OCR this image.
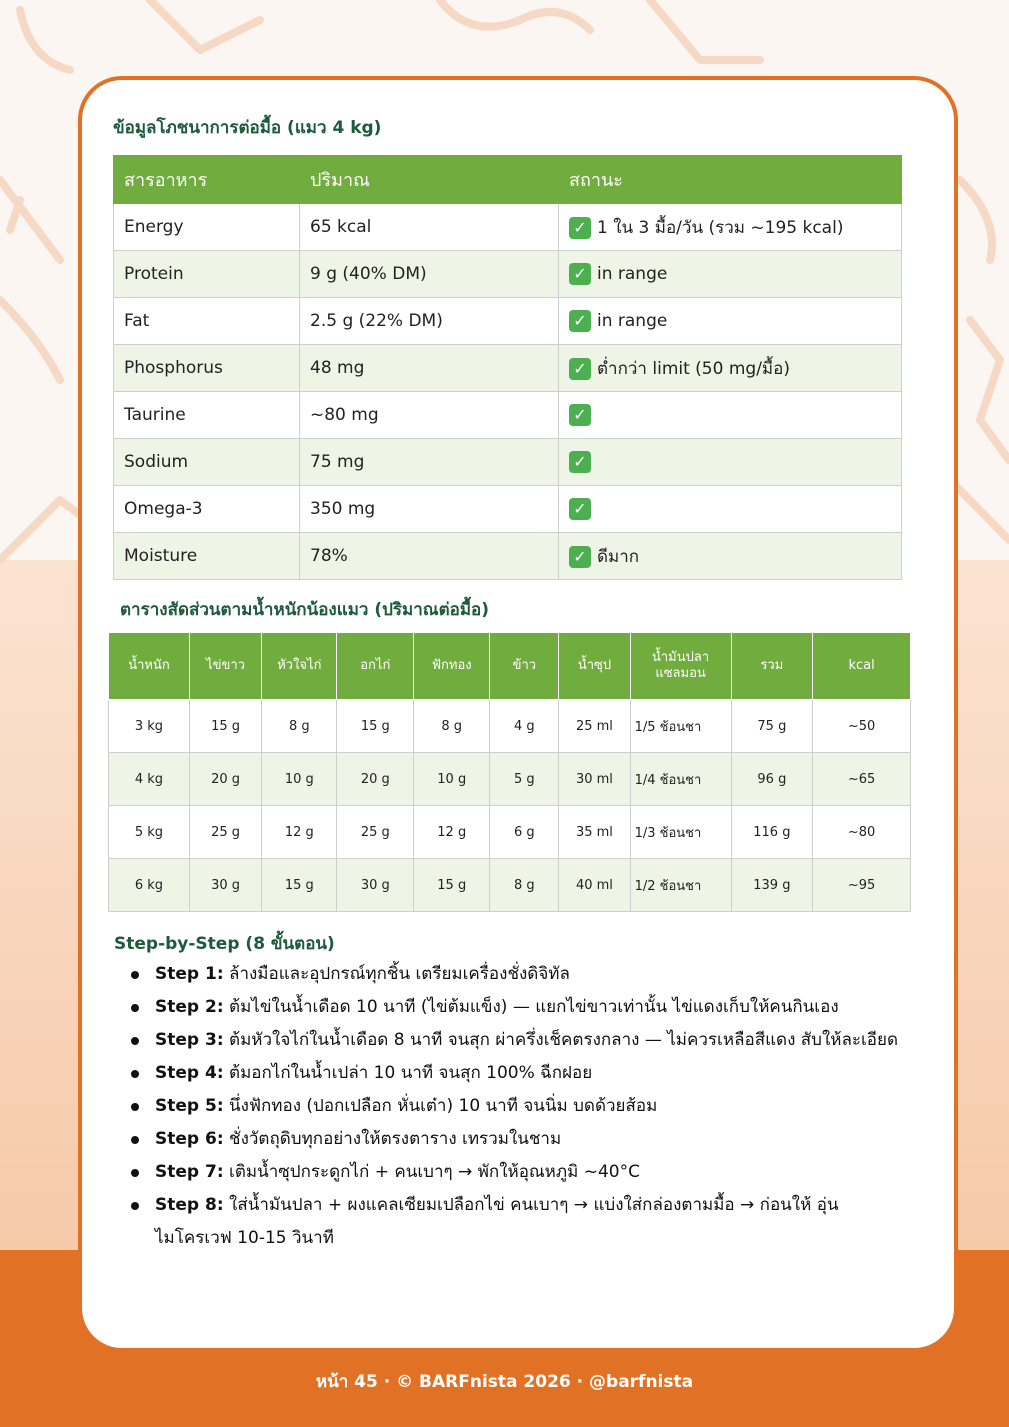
ข้อมูลโภชนาการต่อมื้อ (แมว 4 kg)
สารอาหาร	ปริมาณ	สถานะ
Energy	65 kcal	✓ 1 ใน 3 มื้อ/วัน (รวม ~195 kcal)
Protein	9 g (40% DM)	✓ in range
Fat	2.5 g (22% DM)	✓ in range
Phosphorus	48 mg	✓ ต่ำกว่า limit (50 mg/มื้อ)
Taurine	~80 mg	✓
Sodium	75 mg	✓
Omega-3	350 mg	✓
Moisture	78%	✓ ดีมาก
ตารางสัดส่วนตามน้ำหนักน้องแมว (ปริมาณต่อมื้อ)
น้ำหนัก	ไข่ขาว	หัวใจไก่	อกไก่	ฟักทอง	ข้าว	น้ำซุป	น้ำมันปลา แซลมอน	รวม	kcal
3 kg	15 g	8 g	15 g	8 g	4 g	25 ml	1/5 ช้อนชา	75 g	~50
4 kg	20 g	10 g	20 g	10 g	5 g	30 ml	1/4 ช้อนชา	96 g	~65
5 kg	25 g	12 g	25 g	12 g	6 g	35 ml	1/3 ช้อนชา	116 g	~80
6 kg	30 g	15 g	30 g	15 g	8 g	40 ml	1/2 ช้อนชา	139 g	~95
Step-by-Step (8 ขั้นตอน)
Step 1: ล้างมือและอุปกรณ์ทุกชิ้น เตรียมเครื่องชั่งดิจิทัล
Step 2: ต้มไข่ในน้ำเดือด 10 นาที (ไข่ต้มแข็ง) — แยกไข่ขาวเท่านั้น ไข่แดงเก็บให้คนกินเอง
Step 3: ต้มหัวใจไก่ในน้ำเดือด 8 นาที จนสุก ผ่าครึ่งเช็คตรงกลาง — ไม่ควรเหลือสีแดง สับให้ละเอียด
Step 4: ต้มอกไก่ในน้ำเปล่า 10 นาที จนสุก 100% ฉีกฝอย
Step 5: นึ่งฟักทอง (ปอกเปลือก หั่นเต๋า) 10 นาที จนนิ่ม บดด้วยส้อม
Step 6: ชั่งวัตถุดิบทุกอย่างให้ตรงตาราง เทรวมในชาม
Step 7: เติมน้ำซุปกระดูกไก่ + คนเบาๆ → พักให้อุณหภูมิ ~40°C
Step 8: ใส่น้ำมันปลา + ผงแคลเซียมเปลือกไข่ คนเบาๆ → แบ่งใส่กล่องตามมื้อ → ก่อนให้ อุ่นไมโครเวฟ 10-15 วินาที
หน้า 45 · © BARFnista 2026 · @barfnista
